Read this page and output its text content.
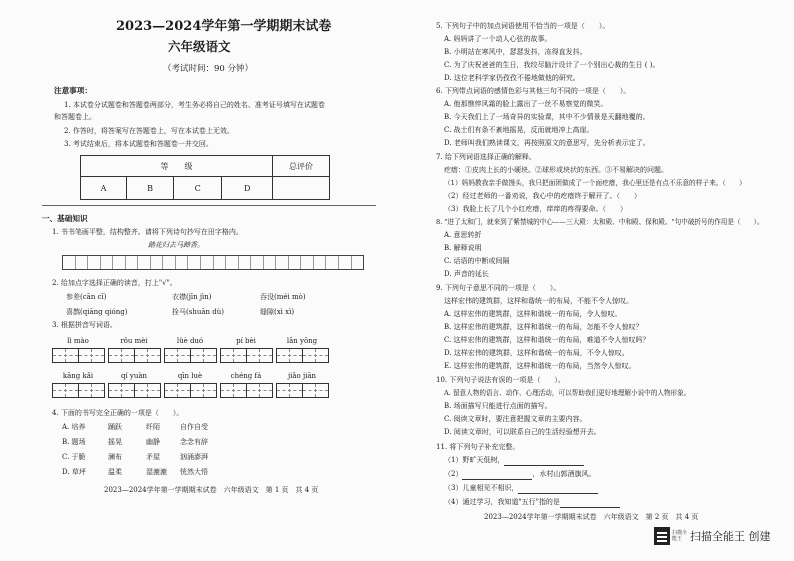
2023—2024学年第一学期期末试卷
六年级语文
（考试时间：90 分钟）
注意事项：
1. 本试卷分试题卷和答题卷两部分，考生务必将自己的姓名、准考证号填写在试题卷
和答题卷上。
2. 作答时，将答案写在答题卷上，写在本试卷上无效。
3. 考试结束后，将本试题卷和答题卷一并交回。
等　　级				总评价
A	B	C	D	
一、基础知识
1. 书书笔画平整，结构整齐。请将下列诗句抄写在田字格内。
踏花归去马蹄香。
2. 给加点字选择正确的读音，打上"√"。
参差(cān cī)	衣襟(jīn jìn)	吞没(méi mò)
喜鹊(qiāng qióng)	拴马(shuān dù)	缝隙(xì xì)
3. 根据拼音写词语。
lì mào	rǒu mèi	lüè duó	pí bèi	lǎn yōng
kāng kǎi	qí yuàn	qīn luè	chéng fá	jiǎo jiān
4. 下面的书写完全正确的一项是（　　）。
A. 培养	踊跃	纤陌	自作自受
B. 题场	摇晃	幽静	念念有辞
C. 于脆	澜布	矛屋	汹涌澎湃
D. 草坪	温柔	湿漉漉 恍然大悟
2023—2024学年第一学期期末试卷　六年级语文　第 1 页　共 4 页
5. 下列句子中的加点词语使用不恰当的一项是（　　）。
A. 妈妈讲了一个动人心弦的故事。
B. 小明站在寒风中，瑟瑟发抖，冻得直发抖。
C. 为了庆祝爸爸的生日，我绞尽脑汁设计了一个别出心裁的生日 ( )。
D. 这位老科学家仍孜孜不倦地做他的研究。
6. 下列带点词语的感情色彩与其他三句不同的一项是（　　）。
A. 他那憔悴风霜的脸上露出了一丝不易察觉的微笑。
B. 今天我们上了一场奇异的实验课，其中不少情景是天翻地覆的。
C. 战士们有条不紊地摇晃，反而就地冲上高崖。
D. 老师叫我们熟读课文，再按照原文的意思写，先分析表示定了。
7. 给下列词语选择正确的解释。
疙瘩：①皮肉上长的小硬块。②球形或块状的东西。③不易解决的问题。
（1）妈妈教我亲手做馒头，我只把面团做成了一个面疙瘩，我心里还是有点不乐意的样子来。（　　）
（2）经过老师的一番劝说，我心中的疙瘩终于解开了。（　　）
（3）我脸上长了几个小红疙瘩，痒痒的疼得要命。（　　）
8. "进了太和门，就来到了紫禁城的中心——三大殿：太和殿、中和殿、保和殿。"句中破折号的作用是（　　）。
A. 意思转折
B. 解释说明
C. 话语的中断或间隔
D. 声音的延长
9. 下列句子意思不同的一项是（　　）。
这样宏伟的建筑群，这样和谐统一的布局，不能不令人惊叹。
A. 这样宏伟的建筑群，这样和谐统一的布局，令人惊叹。
B. 这样宏伟的建筑群，这样和谐统一的布局，怎能不令人惊叹？
C. 这样宏伟的建筑群，这样和谐统一的布局，难道不令人惊叹吗？
D. 这样宏伟的建筑群，这样和谐统一的布局，不令人惊叹。
E. 这样宏伟的建筑群，这样和谐统一的布局，当然令人惊叹。
10. 下列句子说法有误的一项是（　　）。
A. 留意人物的语言、动作、心理活动，可以帮助我们更好地理解小说中的人物形象。
B. 场面描写只能进行点面的描写。
C. 阅读文章时，要注意把握文章的主要内容。
D. 阅读文章时，可以联系自己的生活经验想开去。
11. 将下列句子补充完整。
（1）野旷天低树，
（2）	，水村山郭酒旗风。
（3）儿童相见不相识，
（4）通过学习，我知道"五行"指的是
2023—2024学年第一学期期末试卷　六年级语文　第 2 页　共 4 页
扫描全能王 扫描全能王 创建
